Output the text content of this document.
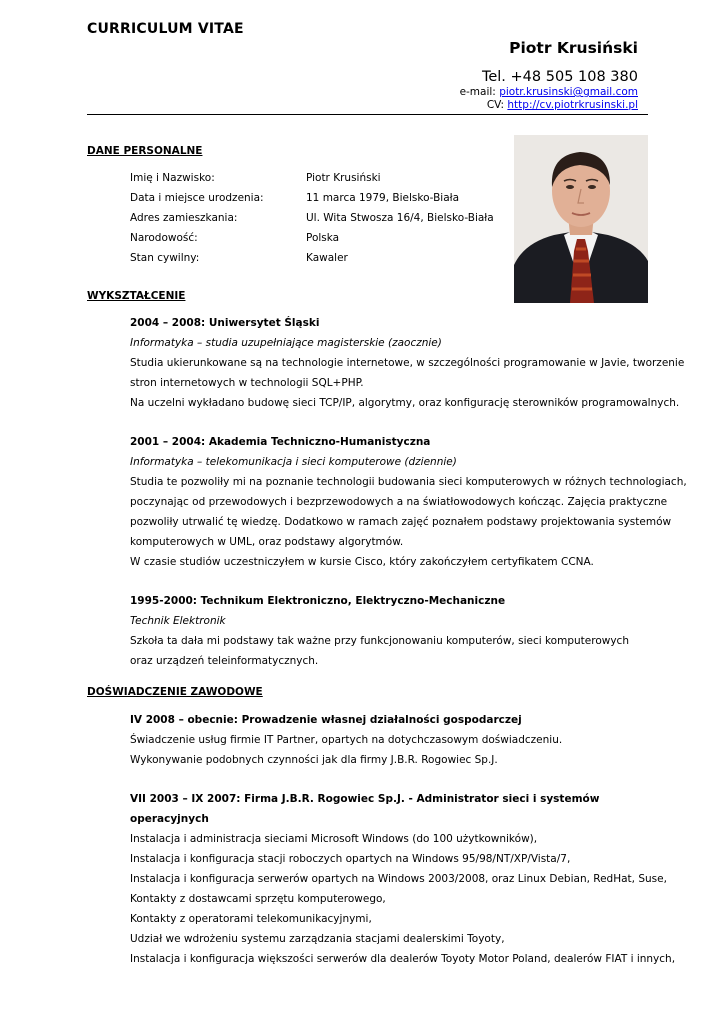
CURRICULUM VITAE
Piotr Krusiński
Tel. +48 505 108 380
e-mail: piotr.krusinski@gmail.com
CV: http://cv.piotrkrusinski.pl
DANE PERSONALNE
Imię i Nazwisko:	Piotr Krusiński
Data i miejsce urodzenia:	11 marca 1979, Bielsko-Biała
Adres zamieszkania:	Ul. Wita Stwosza 16/4, Bielsko-Biała
Narodowość:	Polska
Stan cywilny:	Kawaler
WYKSZTAŁCENIE
2004 – 2008: Uniwersytet Śląski
Informatyka – studia uzupełniające magisterskie (zaocznie)
Studia ukierunkowane są na technologie internetowe, w szczególności programowanie w Javie, tworzenie
stron internetowych w technologii SQL+PHP.
Na uczelni wykładano budowę sieci TCP/IP, algorytmy, oraz konfigurację sterowników programowalnych.
2001 – 2004: Akademia Techniczno-Humanistyczna
Informatyka – telekomunikacja i sieci komputerowe (dziennie)
Studia te pozwoliły mi na poznanie technologii budowania sieci komputerowych w różnych technologiach,
poczynając od przewodowych i bezprzewodowych a na światłowodowych kończąc. Zajęcia praktyczne
pozwoliły utrwalić tę wiedzę. Dodatkowo w ramach zajęć poznałem podstawy projektowania systemów
komputerowych w UML, oraz podstawy algorytmów.
W czasie studiów uczestniczyłem w kursie Cisco, który zakończyłem certyfikatem CCNA.
1995-2000: Technikum Elektroniczno, Elektryczno-Mechaniczne
Technik Elektronik
Szkoła ta dała mi podstawy tak ważne przy funkcjonowaniu komputerów, sieci komputerowych
oraz urządzeń teleinformatycznych.
DOŚWIADCZENIE ZAWODOWE
IV 2008 – obecnie: Prowadzenie własnej działalności gospodarczej
Świadczenie usług firmie IT Partner, opartych na dotychczasowym doświadczeniu.
Wykonywanie podobnych czynności jak dla firmy J.B.R. Rogowiec Sp.J.
VII 2003 – IX 2007: Firma J.B.R. Rogowiec Sp.J. - Administrator sieci i systemów
operacyjnych
Instalacja i administracja sieciami Microsoft Windows (do 100 użytkowników),
Instalacja i konfiguracja stacji roboczych opartych na Windows 95/98/NT/XP/Vista/7,
Instalacja i konfiguracja serwerów opartych na Windows 2003/2008, oraz Linux Debian, RedHat, Suse,
Kontakty z dostawcami sprzętu komputerowego,
Kontakty z operatorami telekomunikacyjnymi,
Udział we wdrożeniu systemu zarządzania stacjami dealerskimi Toyoty,
Instalacja i konfiguracja większości serwerów dla dealerów Toyoty Motor Poland, dealerów FIAT i innych,
